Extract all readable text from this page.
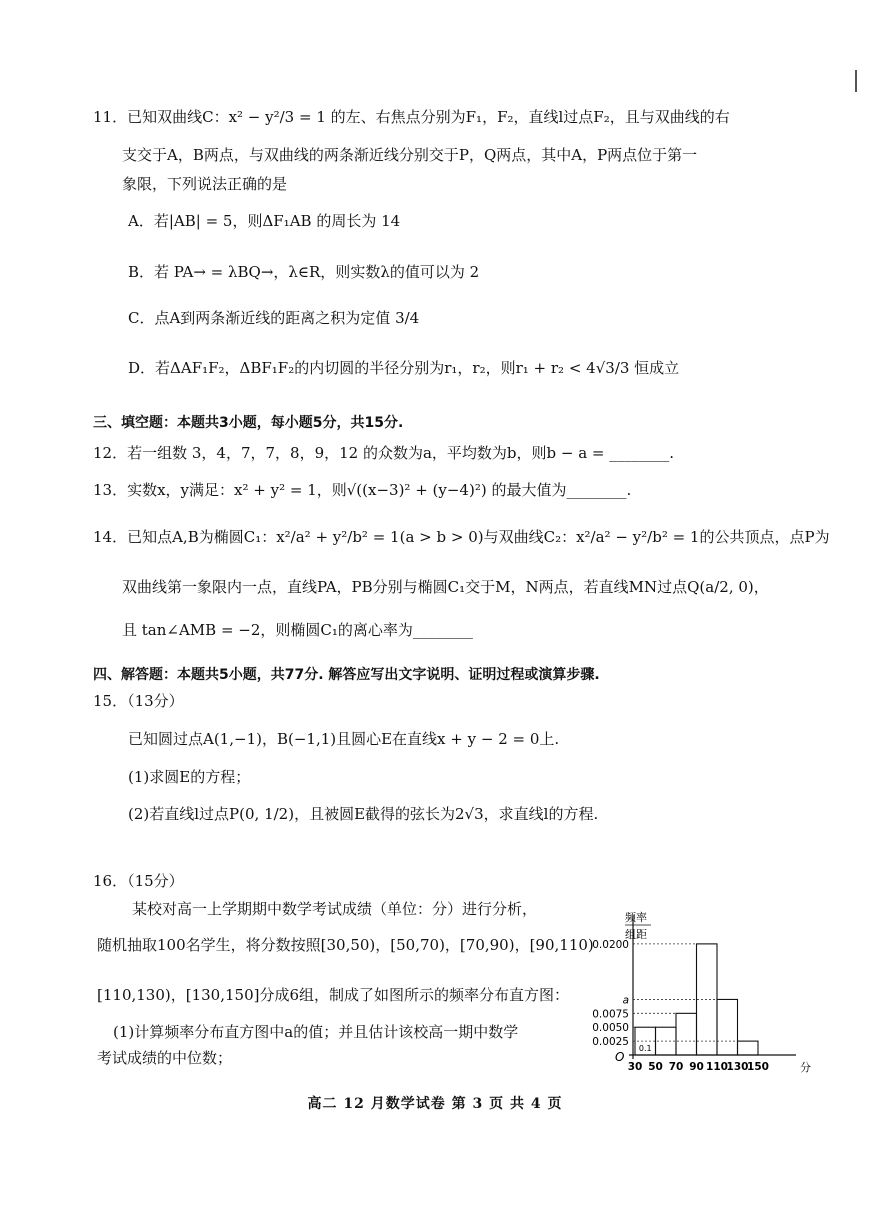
11．已知双曲线C：x² − y²/3 = 1 的左、右焦点分别为F₁，F₂，直线l过点F₂，且与双曲线的右
支交于A，B两点，与双曲线的两条渐近线分别交于P，Q两点，其中A，P两点位于第一
象限，下列说法正确的是
A．若|AB| = 5，则ΔF₁AB 的周长为 14
B．若 PA→ = λBQ→，λ∈R，则实数λ的值可以为 2
C．点A到两条渐近线的距离之积为定值 3/4
D．若ΔAF₁F₂，ΔBF₁F₂的内切圆的半径分别为r₁，r₂，则r₁ + r₂ < 4√3/3 恒成立
三、填空题：本题共3小题，每小题5分，共15分.
12．若一组数 3，4，7，7，8，9，12 的众数为a，平均数为b，则b − a = ________.
13．实数x，y满足：x² + y² = 1，则√((x−3)² + (y−4)²) 的最大值为________.
14．已知点A,B为椭圆C₁：x²/a² + y²/b² = 1(a > b > 0)与双曲线C₂：x²/a² − y²/b² = 1的公共顶点，点P为
双曲线第一象限内一点，直线PA，PB分别与椭圆C₁交于M，N两点，若直线MN过点Q(a/2, 0)，
且 tan∠AMB = −2，则椭圆C₁的离心率为________
四、解答题：本题共5小题，共77分. 解答应写出文字说明、证明过程或演算步骤.
15．（13分）
已知圆过点A(1,−1)，B(−1,1)且圆心E在直线x + y − 2 = 0上.
(1)求圆E的方程；
(2)若直线l过点P(0, 1/2)，且被圆E截得的弦长为2√3，求直线l的方程.
16．（15分）
某校对高一上学期期中数学考试成绩（单位：分）进行分析，
随机抽取100名学生，将分数按照[30,50)，[50,70)，[70,90)，[90,110)
[110,130)，[130,150]分成6组，制成了如图所示的频率分布直方图：
(1)计算频率分布直方图中a的值；并且估计该校高一期中数学
考试成绩的中位数；	O
频率
组距
分
0.0200
a
0.0075
0.0050
0.0025
30 50 70 90 110
130
150
0.1
高二 12 月数学试卷 第 3 页 共 4 页
